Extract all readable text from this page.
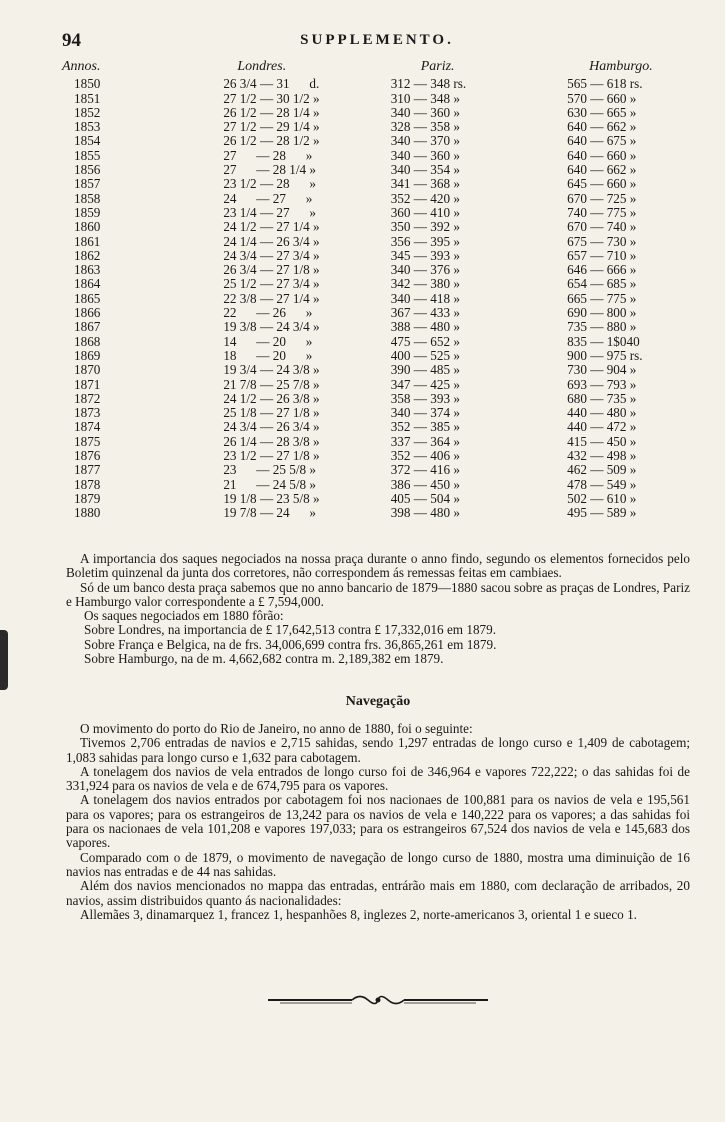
94	SUPPLEMENTO.
Annos.	Londres.	Pariz.	Hamburgo.
1850	26 3/4 — 31      d.	312 — 348 rs.	565 — 618 rs.
1851	27 1/2 — 30 1/2 »	310 — 348 »	570 — 660 »
1852	26 1/2 — 28 1/4 »	340 — 360 »	630 — 665 »
1853	27 1/2 — 29 1/4 »	328 — 358 »	640 — 662 »
1854	26 1/2 — 28 1/2 »	340 — 370 »	640 — 675 »
1855	27      — 28      »	340 — 360 »	640 — 660 »
1856	27      — 28 1/4 »	340 — 354 »	640 — 662 »
1857	23 1/2 — 28      »	341 — 368 »	645 — 660 »
1858	24      — 27      »	352 — 420 »	670 — 725 »
1859	23 1/4 — 27      »	360 — 410 »	740 — 775 »
1860	24 1/2 — 27 1/4 »	350 — 392 »	670 — 740 »
1861	24 1/4 — 26 3/4 »	356 — 395 »	675 — 730 »
1862	24 3/4 — 27 3/4 »	345 — 393 »	657 — 710 »
1863	26 3/4 — 27 1/8 »	340 — 376 »	646 — 666 »
1864	25 1/2 — 27 3/4 »	342 — 380 »	654 — 685 »
1865	22 3/8 — 27 1/4 »	340 — 418 »	665 — 775 »
1866	22      — 26      »	367 — 433 »	690 — 800 »
1867	19 3/8 — 24 3/4 »	388 — 480 »	735 — 880 »
1868	14      — 20      »	475 — 652 »	835 — 1$040
1869	18      — 20      »	400 — 525 »	900 — 975 rs.
1870	19 3/4 — 24 3/8 »	390 — 485 »	730 — 904 »
1871	21 7/8 — 25 7/8 »	347 — 425 »	693 — 793 »
1872	24 1/2 — 26 3/8 »	358 — 393 »	680 — 735 »
1873	25 1/8 — 27 1/8 »	340 — 374 »	440 — 480 »
1874	24 3/4 — 26 3/4 »	352 — 385 »	440 — 472 »
1875	26 1/4 — 28 3/8 »	337 — 364 »	415 — 450 »
1876	23 1/2 — 27 1/8 »	352 — 406 »	432 — 498 »
1877	23      — 25 5/8 »	372 — 416 »	462 — 509 »
1878	21      — 24 5/8 »	386 — 450 »	478 — 549 »
1879	19 1/8 — 23 5/8 »	405 — 504 »	502 — 610 »
1880	19 7/8 — 24      »	398 — 480 »	495 — 589 »

A importancia dos saques negociados na nossa praça durante o anno findo, segundo os elementos fornecidos pelo Boletim quinzenal da junta dos corretores, não correspondem ás remessas feitas em cambiaes.

Só de um banco desta praça sabemos que no anno bancario de 1879—1880 sacou sobre as praças de Londres, Pariz e Hamburgo valor correspondente a £ 7,594,000.

Os saques negociados em 1880 fôrão:

Sobre Londres, na importancia de £ 17,642,513 contra £ 17,332,016 em 1879.

Sobre França e Belgica, na de frs. 34,006,699 contra frs. 36,865,261 em 1879.

Sobre Hamburgo, na de m. 4,662,682 contra m. 2,189,382 em 1879.

Navegação

O movimento do porto do Rio de Janeiro, no anno de 1880, foi o seguinte:

Tivemos 2,706 entradas de navios e 2,715 sahidas, sendo 1,297 entradas de longo curso e 1,409 de cabotagem; 1,083 sahidas para longo curso e 1,632 para cabotagem.

A tonelagem dos navios de vela entrados de longo curso foi de 346,964 e vapores 722,222; o das sahidas foi de 331,924 para os navios de vela e de 674,795 para os vapores.

A tonelagem dos navios entrados por cabotagem foi nos nacionaes de 100,881 para os navios de vela e 195,561 para os vapores; para os estrangeiros de 13,242 para os navios de vela e 140,222 para os vapores; a das sahidas foi para os nacionaes de vela 101,208 e vapores 197,033; para os estrangeiros 67,524 dos navios de vela e 145,683 dos vapores.

Comparado com o de 1879, o movimento de navegação de longo curso de 1880, mostra uma diminuição de 16 navios nas entradas e de 44 nas sahidas.

Além dos navios mencionados no mappa das entradas, entrárão mais em 1880, com declaração de arribados, 20 navios, assim distribuidos quanto ás nacionalidades:

Allemães 3, dinamarquez 1, francez 1, hespanhões 8, inglezes 2, norte-americanos 3, oriental 1 e sueco 1.
